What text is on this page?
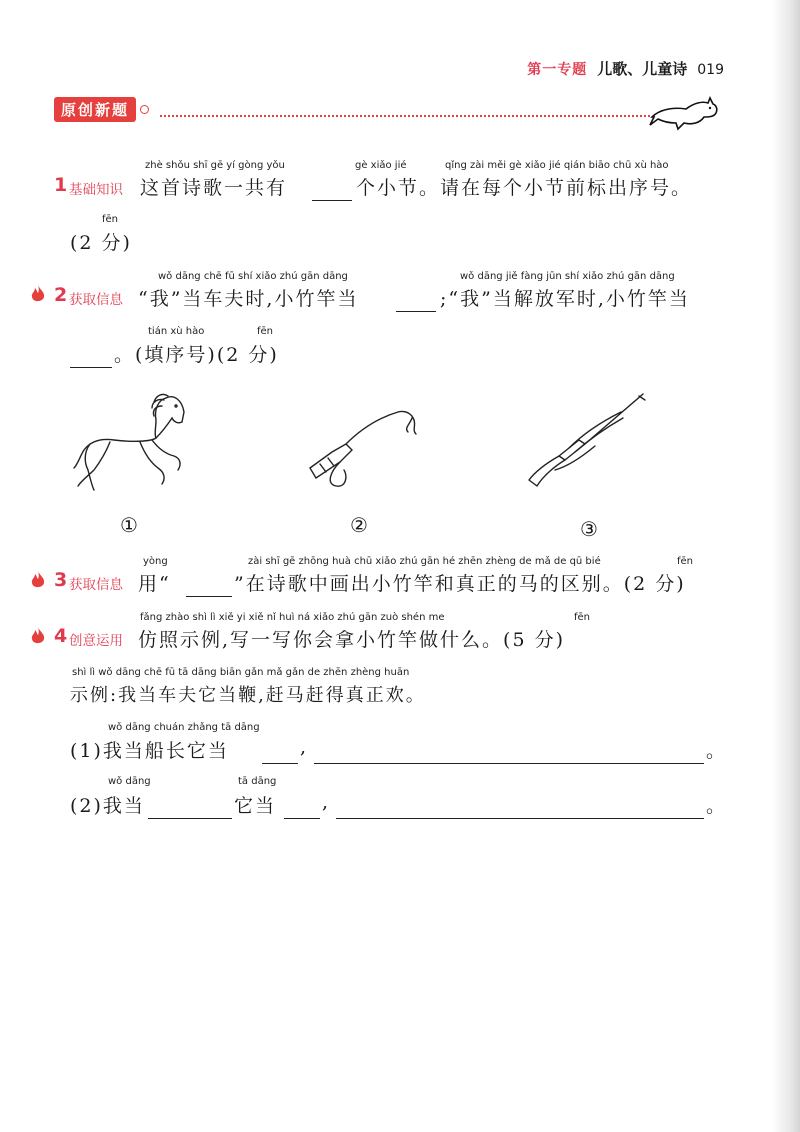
第一专题 儿歌、儿童诗 019
原创新题
1 基础知识
zhè shǒu shī gē yí gòng yǒu	gè xiǎo jié	qǐng zài měi gè xiǎo jié qián biāo chū xù hào
这首诗歌一共有	个小节。请在每个小节前标出序号。
fēn
(2 分)
2 获取信息
wǒ dāng chē fū shí xiǎo zhú gān dāng	wǒ dāng jiě fàng jūn shí xiǎo zhú gān dāng
“我”当车夫时,小竹竿当	;“我”当解放军时,小竹竿当
tián xù hào	fēn
。(填序号)(2 分)
①	②	③
3 获取信息
yòng	zài shī gē zhōng huà chū xiǎo zhú gān hé zhēn zhèng de mǎ de qū bié	fēn
用“	”在诗歌中画出小竹竿和真正的马的区别。(2 分)
4 创意运用
fǎng zhào shì lì xiě yi xiě nǐ huì ná xiǎo zhú gān zuò shén me	fēn
仿照示例,写一写你会拿小竹竿做什么。(5 分)
shì lì wǒ dāng chē fū tā dāng biān gǎn mǎ gǎn de zhēn zhèng huān
示例:我当车夫它当鞭,赶马赶得真正欢。
wǒ dāng chuán zhǎng tā dāng
(1)我当船长它当	,	。
wǒ dāng	tā dāng
(2)我当	它当 ,	。
